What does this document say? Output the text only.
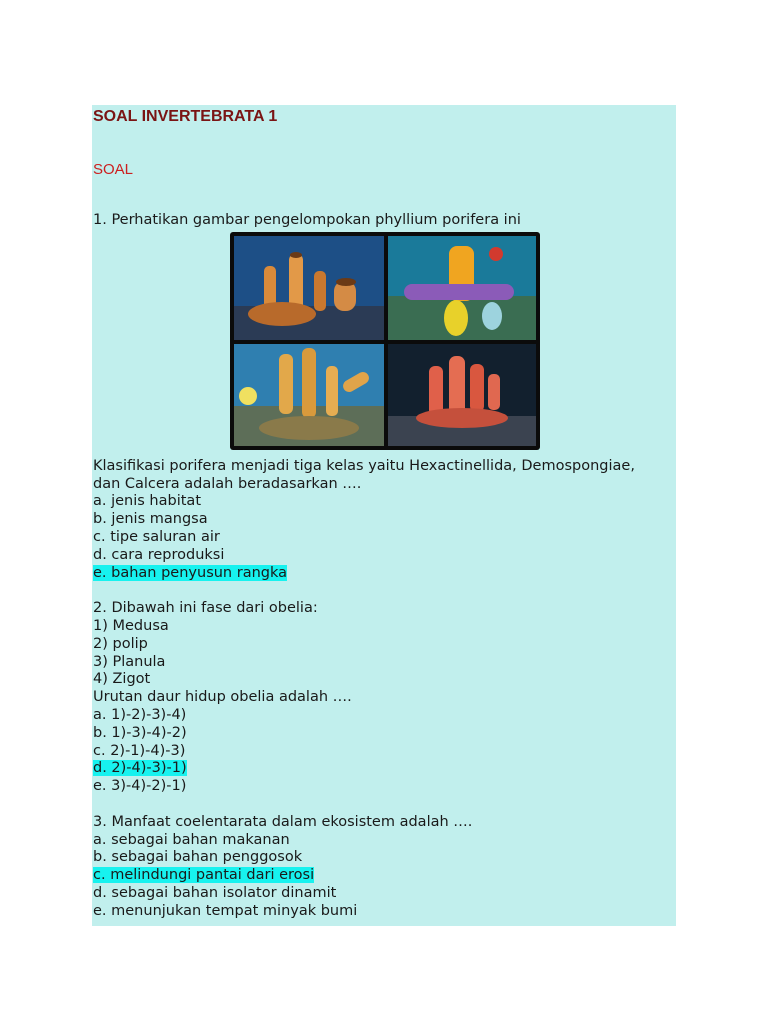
SOAL INVERTEBRATA 1
SOAL
1. Perhatikan gambar pengelompokan phyllium porifera ini
Klasifikasi porifera menjadi tiga kelas yaitu Hexactinellida, Demospongiae,
dan Calcera adalah beradasarkan ….
a. jenis habitat
b. jenis mangsa
c. tipe saluran air
d. cara reproduksi
e. bahan penyusun rangka
2. Dibawah ini fase dari obelia:
1) Medusa
2) polip
3) Planula
4) Zigot
Urutan daur hidup obelia adalah ….
a. 1)-2)-3)-4)
b. 1)-3)-4)-2)
c. 2)-1)-4)-3)
d. 2)-4)-3)-1)
e. 3)-4)-2)-1)
3. Manfaat coelentarata dalam ekosistem adalah ….
a. sebagai bahan makanan
b. sebagai bahan penggosok
c. melindungi pantai dari erosi
d. sebagai bahan isolator dinamit
e. menunjukan tempat minyak bumi
